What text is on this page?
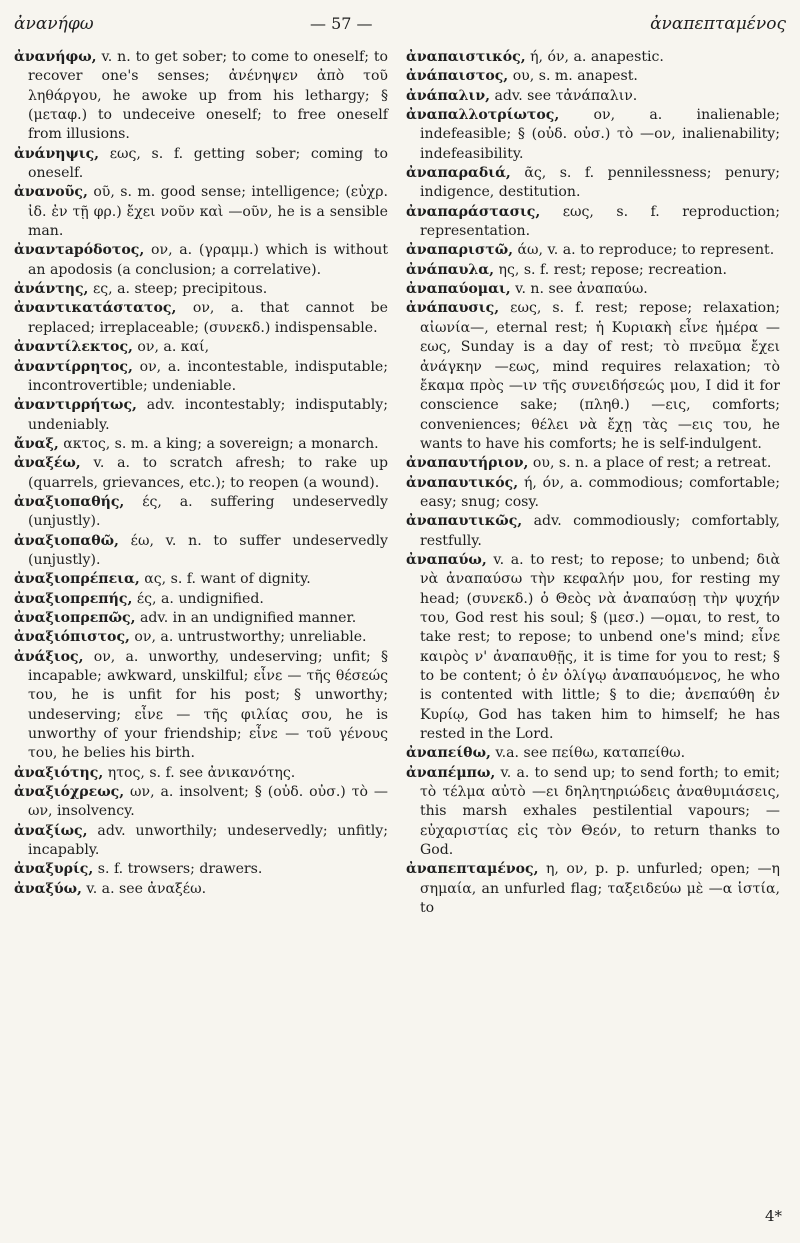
ἀνανήφω	— 57 —	ἀναπεπταμένος

ἀνανήφω, v. n. to get sober; to come to oneself; to recover one's senses; ἀνένηψεν ἀπὸ τοῦ ληθάργου, he awoke up from his lethargy; § (μεταφ.) to undeceive oneself; to free oneself from illusions.

ἀνάνηψις, εως, s. f. getting sober; coming to oneself.

ἀνανοῦς, οῦ, s. m. good sense; intelligence; (εὐχρ. ἰδ. ἐν τῇ φρ.) ἔχει νοῦν καὶ —οῦν, he is a sensible man.

ἀναντapόδοτος, ον, a. (γραμμ.) which is without an apodosis (a conclusion; a correlative).

ἀνάντης, ες, a. steep; precipitous.

ἀναντικατάστατος, ον, a. that cannot be replaced; irreplaceable; (συνεκδ.) indispensable.

ἀναντίλεκτος, ον, a. καί,

ἀναντίρρητος, ον, a. incontestable, indisputable; incontrovertible; undeniable.

ἀναντιρρήτως, adv. incontestably; indisputably; undeniably.

ἄναξ, ακτος, s. m. a king; a sovereign; a monarch.

ἀναξέω, v. a. to scratch afresh; to rake up (quarrels, grievances, etc.); to reopen (a wound).

ἀναξιοπαθής, ές, a. suffering undeservedly (unjustly).

ἀναξιοπαθῶ, έω, v. n. to suffer undeservedly (unjustly).

ἀναξιοπρέπεια, ας, s. f. want of dignity.

ἀναξιοπρεπής, ές, a. undignified.

ἀναξιοπρεπῶς, adv. in an undignified manner.

ἀναξιόπιστος, ον, a. untrustworthy; unreliable.

ἀνάξιος, ον, a. unworthy, undeserving; unfit; § incapable; awkward, unskilful; εἶνε — τῆς θέσεώς του, he is unfit for his post; § unworthy; undeserving; εἶνε — τῆς φιλίας σου, he is unworthy of your friendship; εἶνε — τοῦ γένους του, he belies his birth.

ἀναξιότης, ητος, s. f. see ἀνικανότης.

ἀναξιόχρεως, ων, a. insolvent; § (οὐδ. οὐσ.) τὸ —ων, insolvency.

ἀναξίως, adv. unworthily; undeservedly; unfitly; incapably.

ἀναξυρίς, s. f. trowsers; drawers.

ἀναξύω, v. a. see ἀναξέω.

ἀναπαιστικός, ή, όν, a. anapestic.

ἀνάπαιστος, ου, s. m. anapest.

ἀνάπαλιν, adv. see τἀνάπαλιν.

ἀναπαλλοτρίωτος, ον, a. inalienable; indefeasible; § (οὐδ. οὐσ.) τὸ —ον, inalienability; indefeasibility.

ἀναπαραδιά, ᾶς, s. f. pennilessness; penury; indigence, destitution.

ἀναπαράστασις, εως, s. f. reproduction; representation.

ἀναπαριστῶ, άω, v. a. to reproduce; to represent.

ἀνάπαυλα, ης, s. f. rest; repose; recreation.

ἀναπαύομαι, v. n. see ἀναπαύω.

ἀνάπαυσις, εως, s. f. rest; repose; relaxation; αἰωνία—, eternal rest; ἡ Κυριακὴ εἶνε ἡμέρα —εως, Sunday is a day of rest; τὸ πνεῦμα ἔχει ἀνάγκην —εως, mind requires relaxation; τὸ ἔκαμα πρὸς —ιν τῆς συνειδήσεώς μου, I did it for conscience sake; (πληθ.) —εις, comforts; conveniences; θέλει νὰ ἔχῃ τὰς —εις του, he wants to have his comforts; he is self-indulgent.

ἀναπαυτήριον, ου, s. n. a place of rest; a retreat.

ἀναπαυτικός, ή, όν, a. commodious; comfortable; easy; snug; cosy.

ἀναπαυτικῶς, adv. commodiously; comfortably, restfully.

ἀναπαύω, v. a. to rest; to repose; to unbend; διὰ νὰ ἀναπαύσω τὴν κεφαλήν μου, for resting my head; (συνεκδ.) ὁ Θεὸς νὰ ἀναπαύσῃ τὴν ψυχήν του, God rest his soul; § (μεσ.) —ομαι, to rest, to take rest; to repose; to unbend one's mind; εἶνε καιρὸς ν' ἀναπαυθῇς, it is time for you to rest; § to be content; ὁ ἐν ὀλίγῳ ἀναπαυόμενος, he who is contented with little; § to die; ἀνεπαύθη ἐν Κυρίῳ, God has taken him to himself; he has rested in the Lord.

ἀναπείθω, v.a. see πείθω, καταπείθω.

ἀναπέμπω, v. a. to send up; to send forth; to emit; τὸ τέλμα αὐτὸ —ει δηλητηριώδεις ἀναθυμιάσεις, this marsh exhales pestilential vapours; — εὐχαριστίας εἰς τὸν Θεόν, to return thanks to God.

ἀναπεπταμένος, η, ον, p. p. unfurled; open; —η σημαία, an unfurled flag; ταξειδεύω μὲ —α ἱστία, to

4*
